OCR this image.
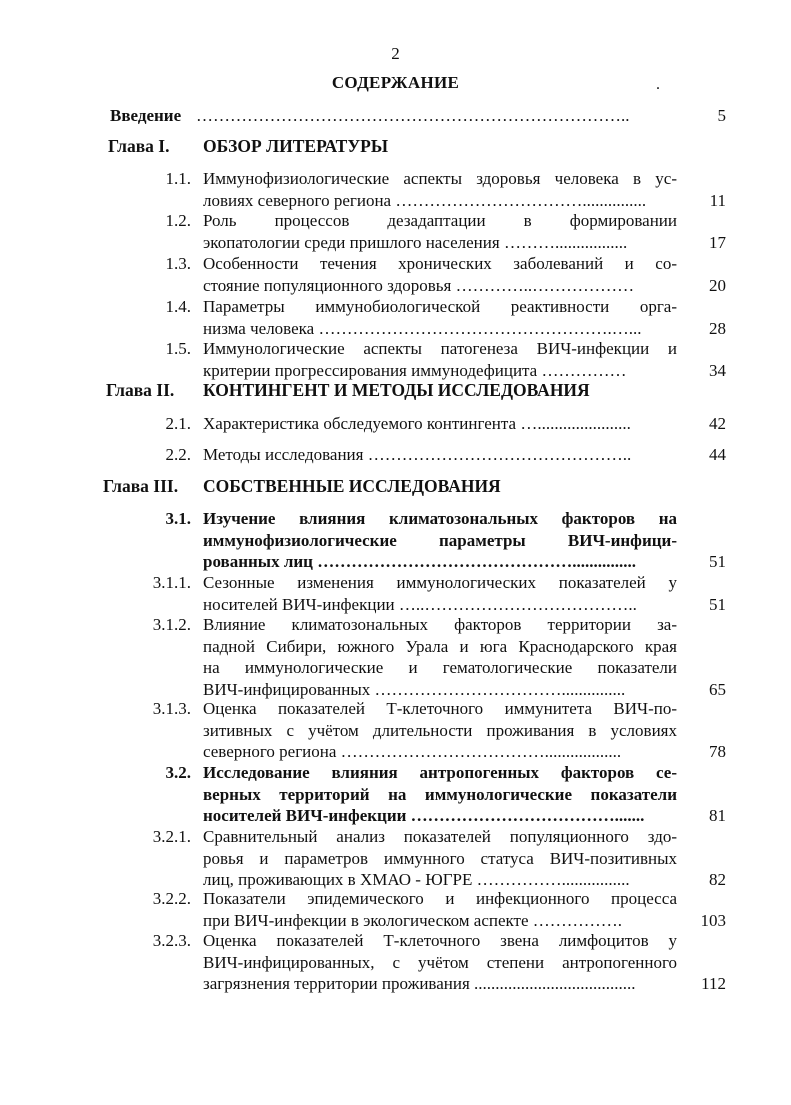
2
СОДЕРЖАНИЕ	.
Введение …………………………………………………………………..	5
Глава I. ОБЗОР ЛИТЕРАТУРЫ
1.1. Иммунофизиологические аспекты здоровья человека в ус-
ловиях северного региона ……………………………...............	11
1.2. Роль процессов дезадаптации в формировании
экопатологии среди пришлого населения ……….................	17
1.3. Особенности течения хронических заболеваний и со-
стояние популяционного здоровья …………..………………	20
1.4. Параметры иммунобиологической реактивности орга-
низма человека …………………………………………….…...	28
1.5. Иммунологические аспекты патогенеза ВИЧ-инфекции и
критерии прогрессирования иммунодефицита ……………	34
Глава II. КОНТИНГЕНТ И МЕТОДЫ ИССЛЕДОВАНИЯ
2.1. Характеристика обследуемого контингента …......................	42
2.2. Методы исследования ………………………………………..	44
Глава III. СОБСТВЕННЫЕ ИССЛЕДОВАНИЯ
3.1. Изучение влияния климатозональных факторов на
иммунофизиологические параметры ВИЧ-инфици-
рованных лиц ………………………………………...............	51
3.1.1. Сезонные изменения иммунологических показателей у
носителей ВИЧ-инфекции …..………………………………..	51
3.1.2. Влияние климатозональных факторов территории за-
падной Сибири, южного Урала и юга Краснодарского края
на иммунологические и гематологические показатели
ВИЧ-инфицированных ……………………………...............	65
3.1.3. Оценка показателей Т-клеточного иммунитета ВИЧ-по-
зитивных с учётом длительности проживания в условиях
северного региона ………………………………..................	78
3.2. Исследование влияния антропогенных факторов се-
верных территорий на иммунологические показатели
носителей ВИЧ-инфекции ……………………………….......	81
3.2.1. Сравнительный анализ показателей популяционного здо-
ровья и параметров иммунного статуса ВИЧ-позитивных
лиц, проживающих в ХМАО - ЮГРЕ ……………................	82
3.2.2. Показатели эпидемического и инфекционного процесса
при ВИЧ-инфекции в экологическом аспекте …………….	103
3.2.3. Оценка показателей Т-клеточного звена лимфоцитов у
ВИЧ-инфицированных, с учётом степени антропогенного
загрязнения территории проживания ......................................	112
